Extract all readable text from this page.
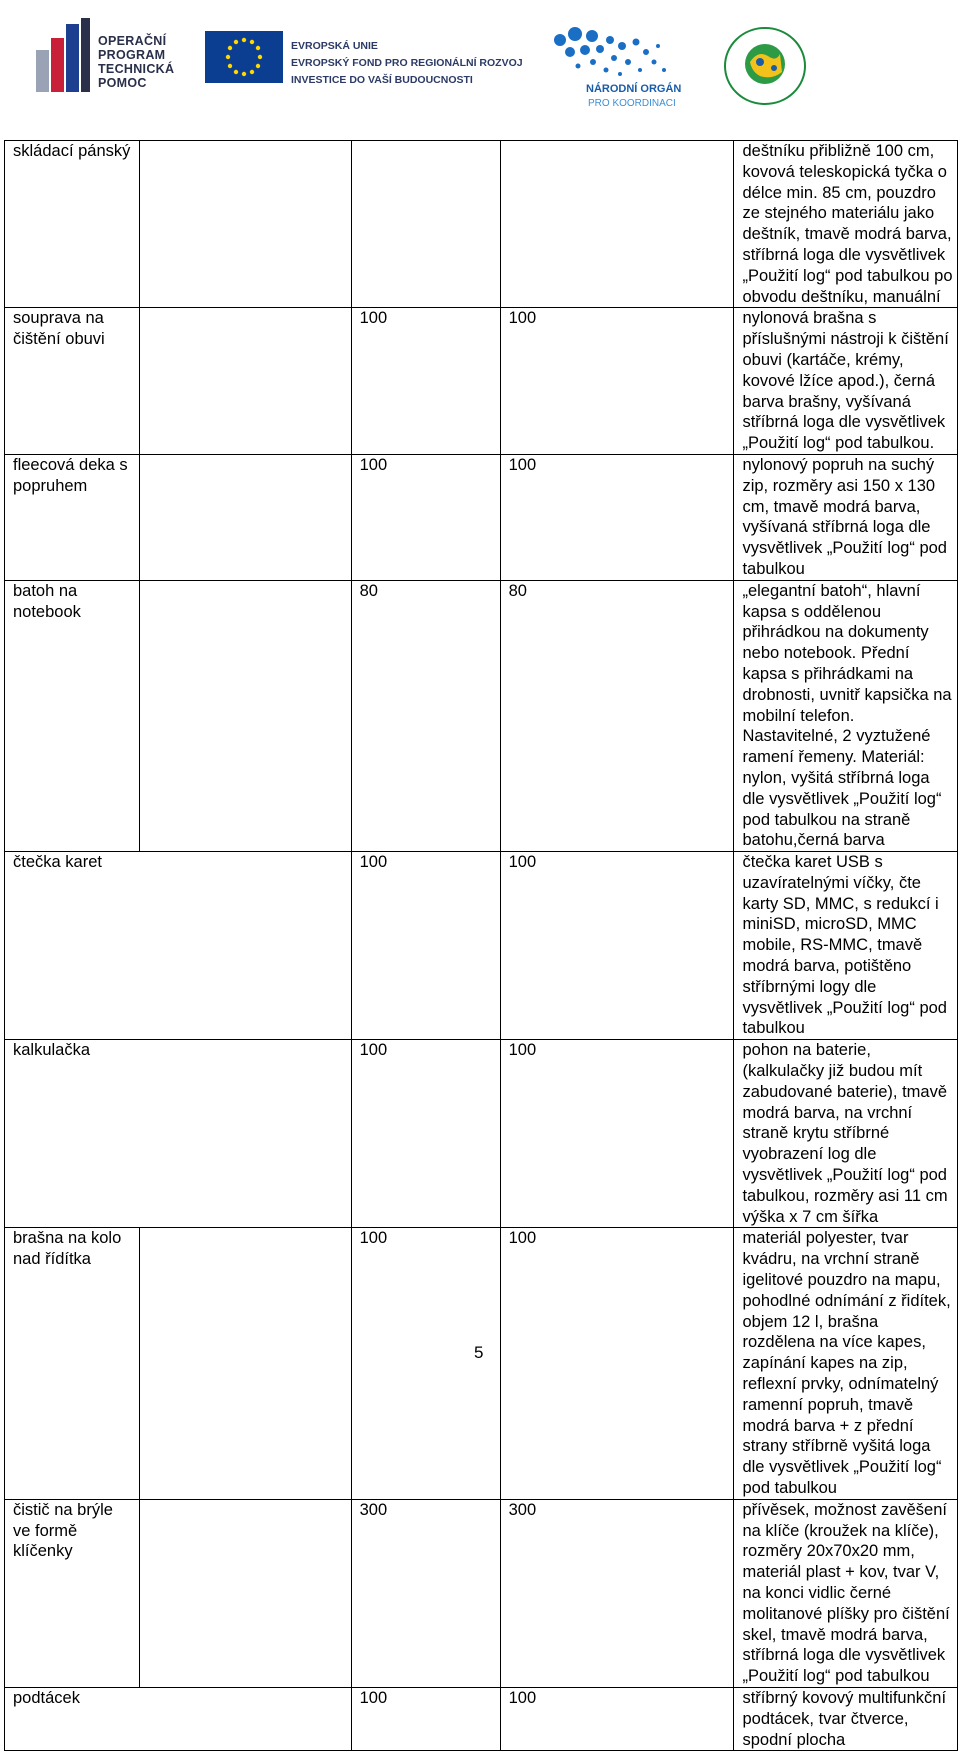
OPERAČNÍ
PROGRAM
TECHNICKÁ
POMOC
EVROPSKÁ UNIE
EVROPSKÝ FOND PRO REGIONÁLNÍ ROZVOJ
INVESTICE DO VAŠÍ BUDOUCNOSTI
NÁRODNÍ ORGÁN
PRO KOORDINACI
skládací pánský				deštníku přibližně 100 cm, kovová teleskopická tyčka o délce min. 85 cm, pouzdro ze stejného materiálu jako deštník, tmavě modrá barva, stříbrná loga dle vysvětlivek „Použití log“ pod tabulkou po obvodu deštníku, manuální
souprava na čištění obuvi		100	100	nylonová brašna s příslušnými nástroji k čištění obuvi (kartáče, krémy, kovové lžíce apod.), černá barva brašny, vyšívaná stříbrná loga dle vysvětlivek „Použití log“ pod tabulkou.
fleecová deka s popruhem		100	100	nylonový popruh na suchý zip, rozměry asi 150 x 130 cm, tmavě modrá barva, vyšívaná stříbrná loga dle vysvětlivek „Použití log“ pod tabulkou
batoh na notebook		80	80	„elegantní batoh“, hlavní kapsa s oddělenou přihrádkou na dokumenty nebo notebook. Přední kapsa s přihrádkami na drobnosti, uvnitř kapsička na mobilní telefon. Nastavitelné, 2 vyztužené ramení řemeny. Materiál: nylon, vyšitá stříbrná loga dle vysvětlivek „Použití log“ pod tabulkou na straně batohu,černá barva
čtečka karet		100	100	čtečka karet USB s uzavíratelnými víčky, čte karty SD, MMC, s redukcí i miniSD, microSD, MMC mobile, RS-MMC, tmavě modrá barva, potištěno stříbrnými logy dle vysvětlivek „Použití log“ pod tabulkou
kalkulačka		100	100	pohon na baterie, (kalkulačky již budou mít zabudované baterie), tmavě modrá barva, na vrchní straně krytu stříbrné vyobrazení log dle vysvětlivek „Použití log“ pod tabulkou, rozměry asi 11 cm výška x 7 cm šířka
brašna na kolo nad řídítka		100	100	materiál polyester, tvar kvádru, na vrchní straně igelitové pouzdro na mapu, pohodlné odnímání z řidítek, objem 12 l, brašna rozdělena na více kapes, zapínání kapes na zip, reflexní prvky, odnímatelný ramenní popruh, tmavě modrá barva + z přední strany stříbrně vyšitá loga dle vysvětlivek „Použití log“ pod tabulkou
čistič na brýle ve formě klíčenky		300	300	přívěsek, možnost zavěšení na klíče (kroužek na klíče), rozměry 20x70x20 mm, materiál plast + kov, tvar V, na konci vidlic černé molitanové plíšky pro čištění skel, tmavě modrá barva, stříbrná loga dle vysvětlivek „Použití log“ pod tabulkou
podtácek		100	100	stříbrný kovový multifunkční podtácek, tvar čtverce, spodní plocha
5
